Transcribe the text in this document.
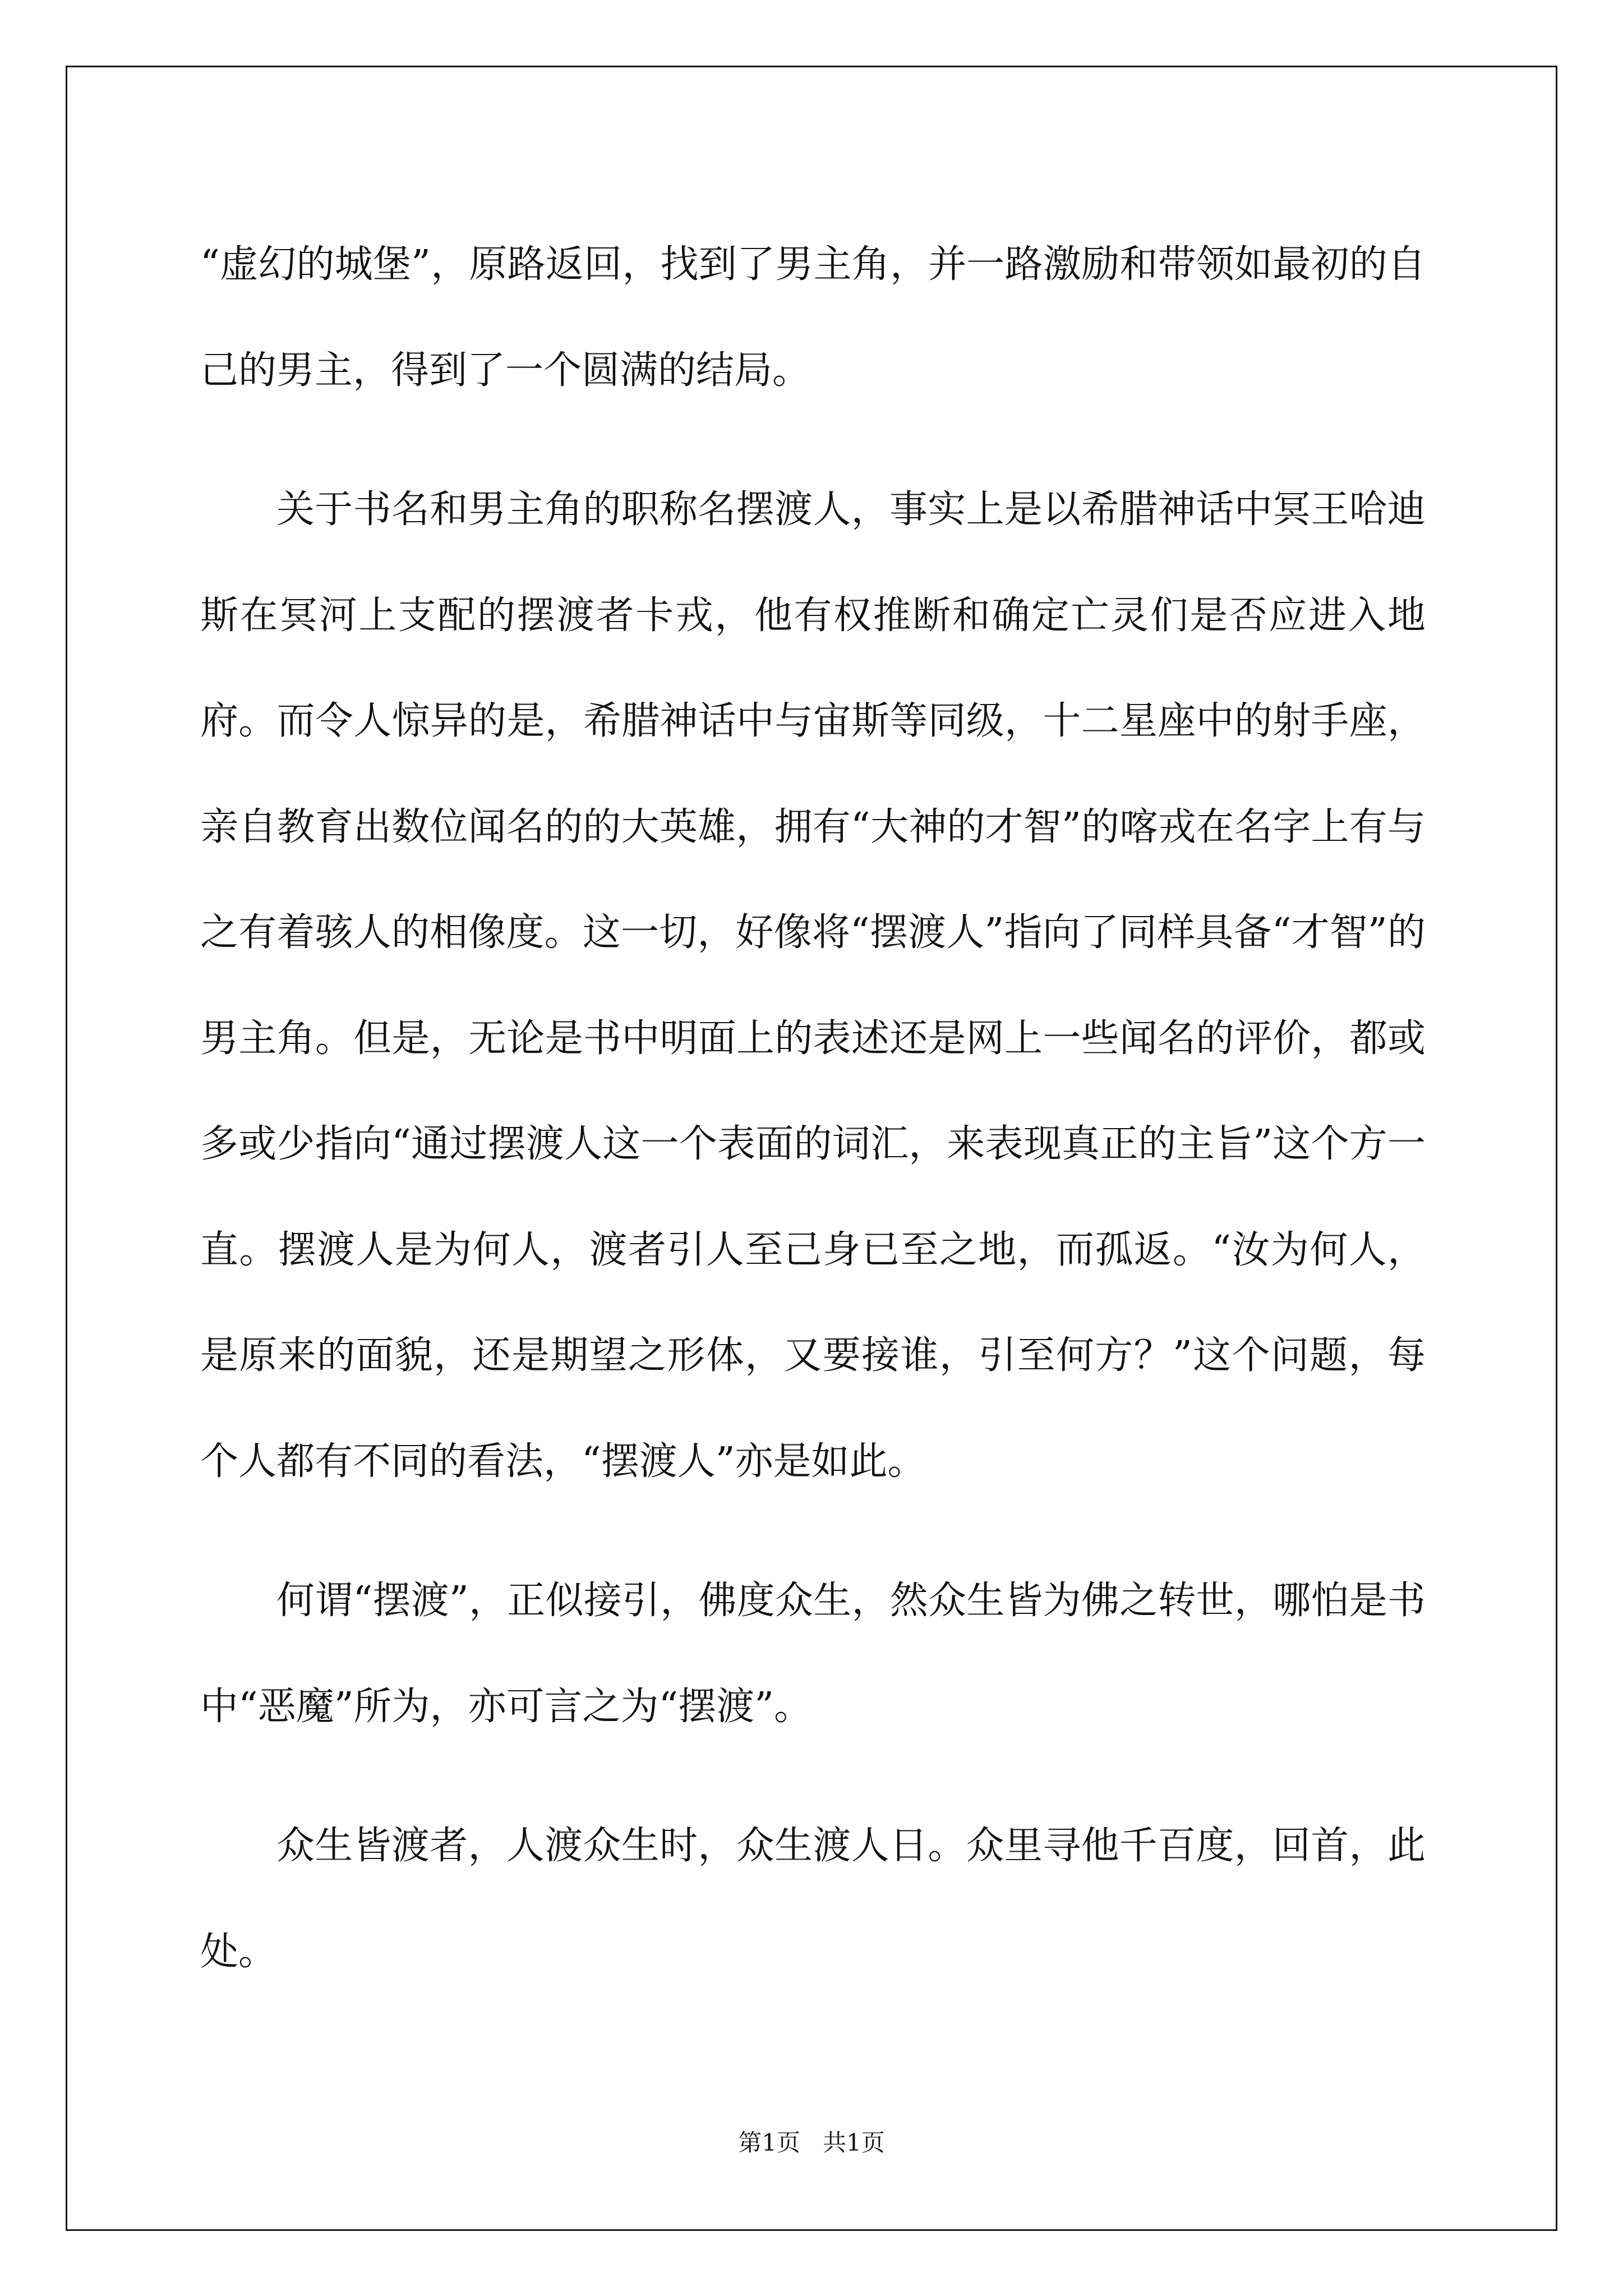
“虚幻的城堡”，原路返回，找到了男主角，并一路激励和带领如最初的自己的男主，得到了一个圆满的结局。

关于书名和男主角的职称名摆渡人，事实上是以希腊神话中冥王哈迪斯在冥河上支配的摆渡者卡戎，他有权推断和确定亡灵们是否应进入地府。而令人惊异的是，希腊神话中与宙斯等同级，十二星座中的射手座，亲自教育出数位闻名的的大英雄，拥有“大神的才智”的喀戎在名字上有与之有着骇人的相像度。这一切，好像将“摆渡人”指向了同样具备“才智”的男主角。但是，无论是书中明面上的表述还是网上一些闻名的评价，都或多或少指向“通过摆渡人这一个表面的词汇，来表现真正的主旨”这个方一直。摆渡人是为何人，渡者引人至己身已至之地，而孤返。“汝为何人，是原来的面貌，还是期望之形体，又要接谁，引至何方？”这个问题，每个人都有不同的看法，“摆渡人”亦是如此。

何谓“摆渡”，正似接引，佛度众生，然众生皆为佛之转世，哪怕是书中“恶魔”所为，亦可言之为“摆渡”。

众生皆渡者，人渡众生时，众生渡人日。众里寻他千百度，回首，此处。

第1页 共1页
